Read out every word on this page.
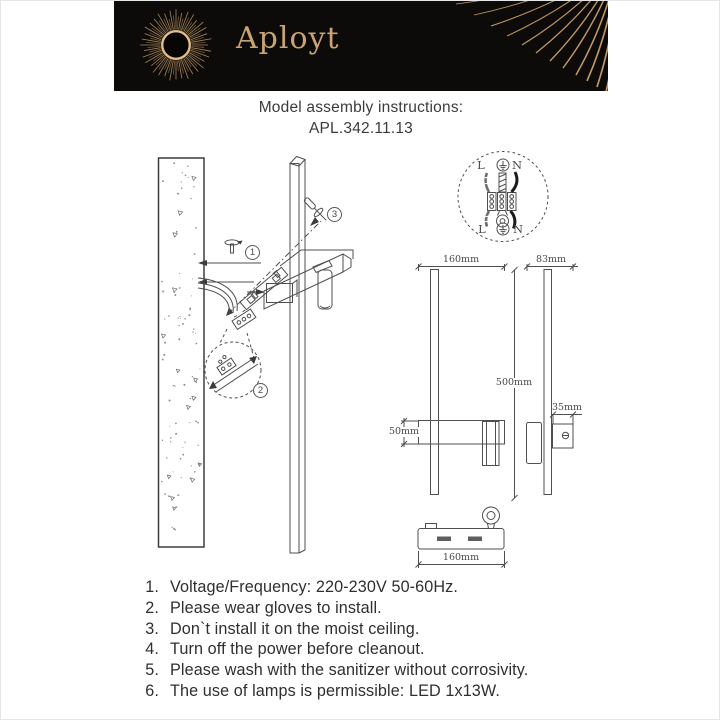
Aployt
Model assembly instructions:
APL.342.11.13
1
2
3
L N
L N
160mm	83mm
500mm
50mm
35mm
160mm
1. Voltage/Frequency: 220-230V 50-60Hz.
2. Please wear gloves to install.
3. Don`t install it on the moist ceiling.
4. Turn off the power before cleanout.
5. Please wash with the sanitizer without corrosivity.
6. The use of lamps is permissible: LED 1x13W.
